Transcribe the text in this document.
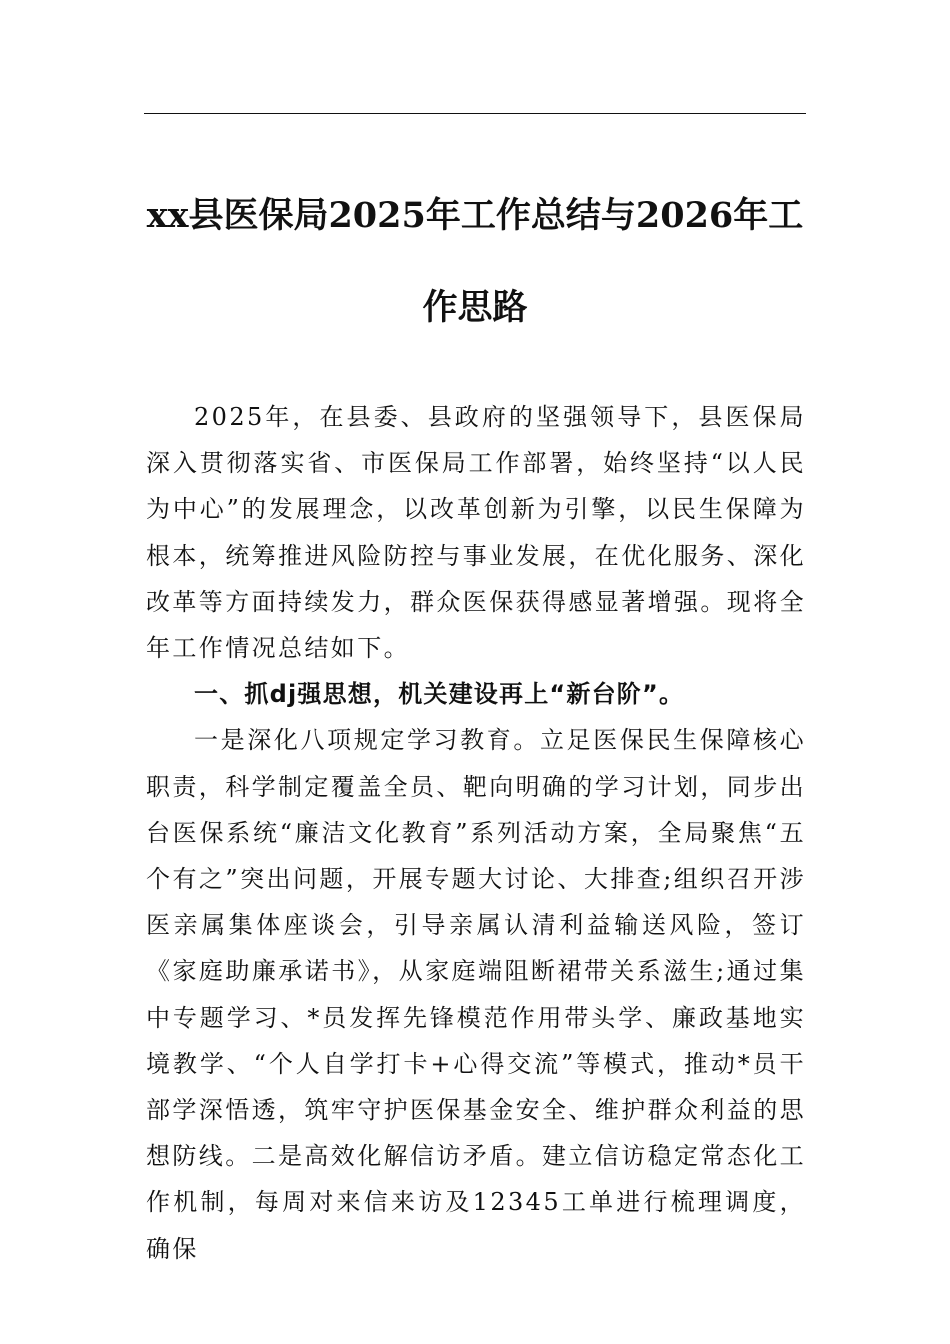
xx县医保局2025年工作总结与2026年工作思路

2025年，在县委、县政府的坚强领导下，县医保局深入贯彻落实省、市医保局工作部署，始终坚持“以人民为中心”的发展理念，以改革创新为引擎，以民生保障为根本，统筹推进风险防控与事业发展，在优化服务、深化改革等方面持续发力，群众医保获得感显著增强。现将全年工作情况总结如下。

一、抓dj强思想，机关建设再上“新台阶”。

一是深化八项规定学习教育。立足医保民生保障核心职责，科学制定覆盖全员、靶向明确的学习计划，同步出台医保系统“廉洁文化教育”系列活动方案，全局聚焦“五个有之”突出问题，开展专题大讨论、大排查;组织召开涉医亲属集体座谈会，引导亲属认清利益输送风险，签订《家庭助廉承诺书》，从家庭端阻断裙带关系滋生;通过集中专题学习、*员发挥先锋模范作用带头学、廉政基地实境教学、“个人自学打卡+心得交流”等模式，推动*员干部学深悟透，筑牢守护医保基金安全、维护群众利益的思想防线。二是高效化解信访矛盾。建立信访稳定常态化工作机制，每周对来信来访及12345工单进行梳理调度，确保
